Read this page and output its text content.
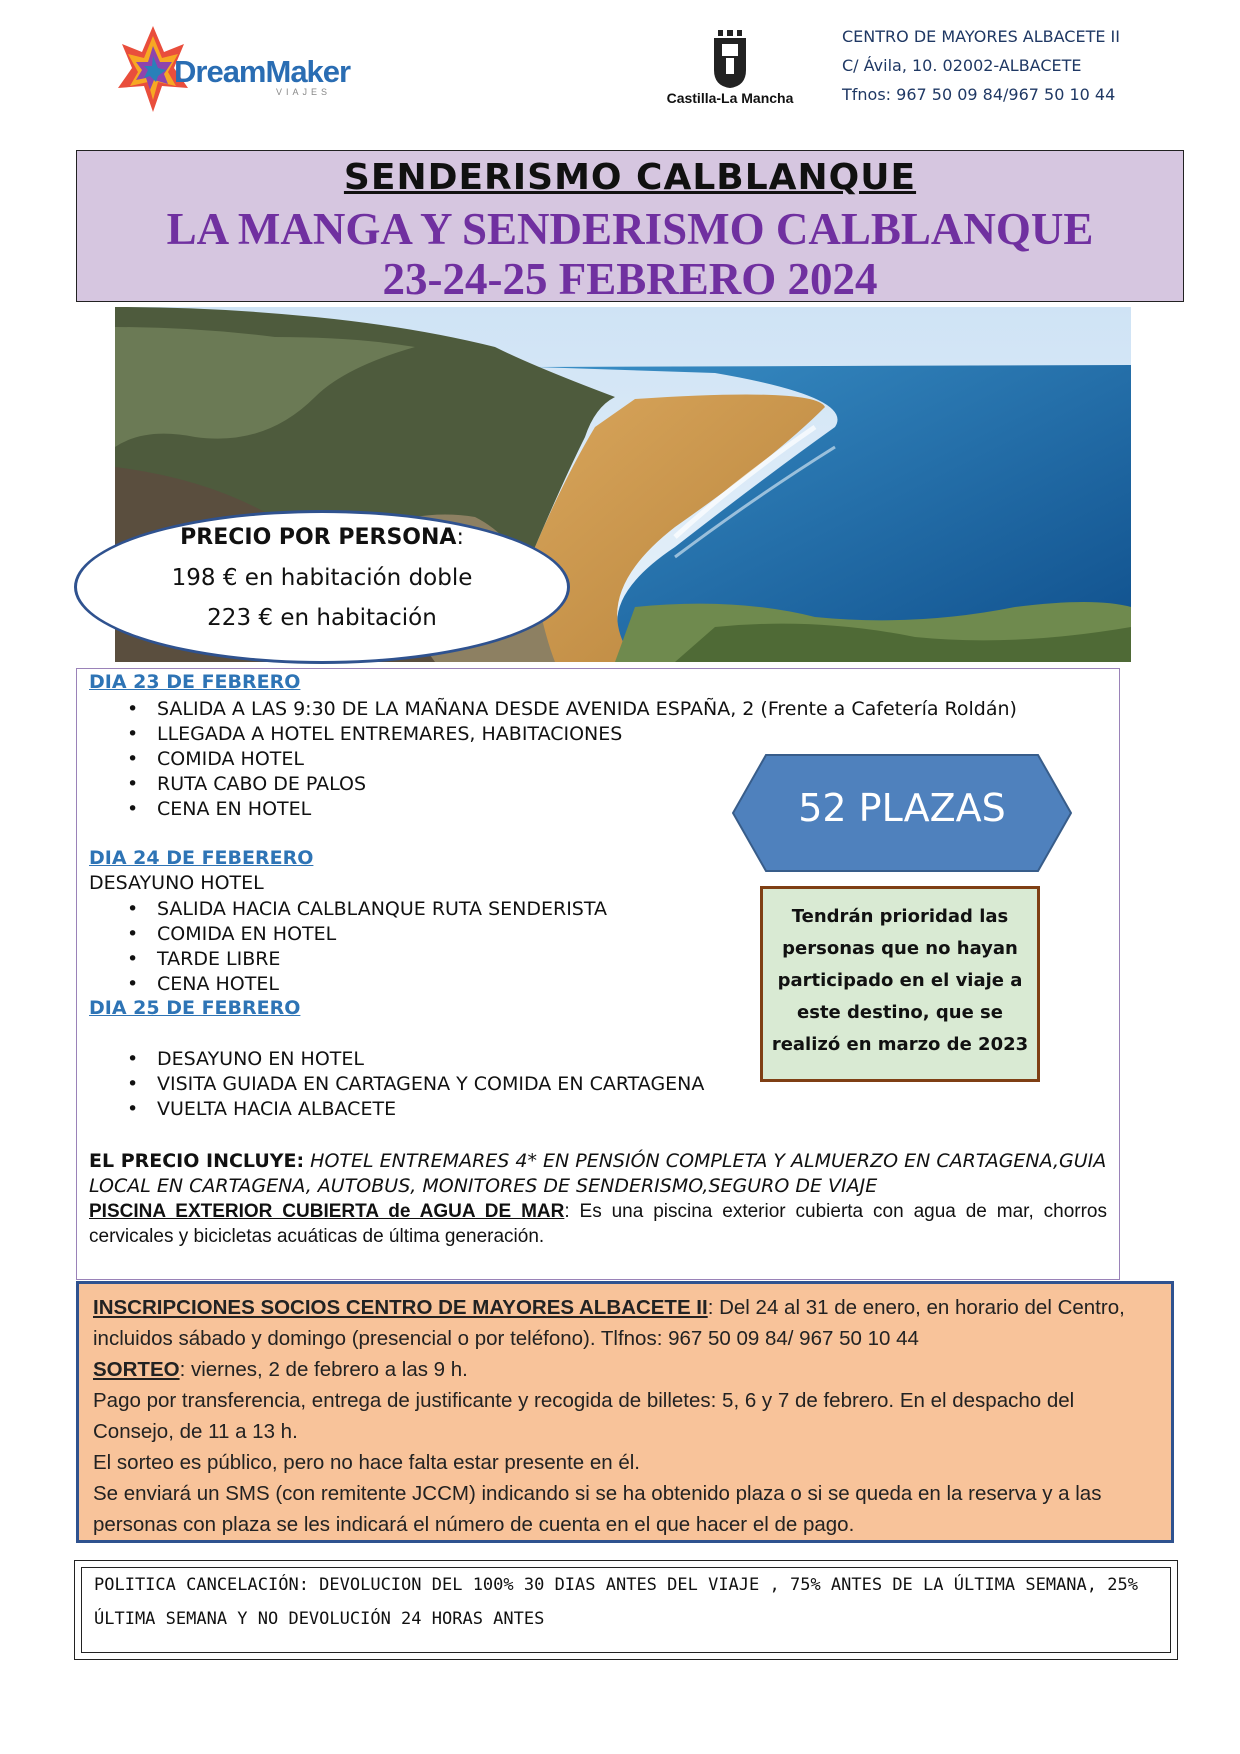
DreamMaker
VIAJES	Castilla-La Mancha
CENTRO DE MAYORES ALBACETE II
C/ Ávila, 10. 02002-ALBACETE
Tfnos: 967 50 09 84/967 50 10 44
SENDERISMO CALBLANQUE
LA MANGA Y SENDERISMO CALBLANQUE
23-24-25 FEBRERO 2024
PRECIO POR PERSONA:
198 € en habitación doble
223 € en habitación
DIA 23 DE FEBRERO
• SALIDA A LAS 9:30 DE LA MAÑANA DESDE AVENIDA ESPAÑA, 2 (Frente a Cafetería Roldán)
• LLEGADA A HOTEL ENTREMARES, HABITACIONES
• COMIDA HOTEL
• RUTA CABO DE PALOS
• CENA EN HOTEL
DIA 24 DE FEBERERO
DESAYUNO HOTEL
• SALIDA HACIA CALBLANQUE RUTA SENDERISTA
• COMIDA EN HOTEL
• TARDE LIBRE
• CENA HOTEL
DIA 25 DE FEBRERO
• DESAYUNO EN HOTEL
• VISITA GUIADA EN CARTAGENA Y COMIDA EN CARTAGENA
• VUELTA HACIA ALBACETE
EL PRECIO INCLUYE: HOTEL ENTREMARES 4* EN PENSIÓN COMPLETA Y ALMUERZO EN CARTAGENA,GUIA LOCAL EN CARTAGENA, AUTOBUS, MONITORES DE SENDERISMO,SEGURO DE VIAJE
PISCINA EXTERIOR CUBIERTA de AGUA DE MAR: Es una piscina exterior cubierta con agua de mar, chorros cervicales y bicicletas acuáticas de última generación.
52 PLAZAS
Tendrán prioridad las personas que no hayan participado en el viaje a este destino, que se realizó en marzo de 2023

INSCRIPCIONES SOCIOS CENTRO DE MAYORES ALBACETE II: Del 24 al 31 de enero, en horario del Centro, incluidos sábado y domingo (presencial o por teléfono). Tlfnos: 967 50 09 84/ 967 50 10 44

SORTEO: viernes, 2 de febrero a las 9 h.

Pago por transferencia, entrega de justificante y recogida de billetes: 5, 6 y 7 de febrero. En el despacho del Consejo, de 11 a 13 h.

El sorteo es público, pero no hace falta estar presente en él.

Se enviará un SMS (con remitente JCCM) indicando si se ha obtenido plaza o si se queda en la reserva y a las personas con plaza se les indicará el número de cuenta en el que hacer el de pago.

POLITICA CANCELACIÓN: DEVOLUCION DEL 100% 30 DIAS ANTES DEL VIAJE , 75% ANTES DE LA ÚLTIMA SEMANA, 25% ÚLTIMA SEMANA Y NO DEVOLUCIÓN 24 HORAS ANTES
